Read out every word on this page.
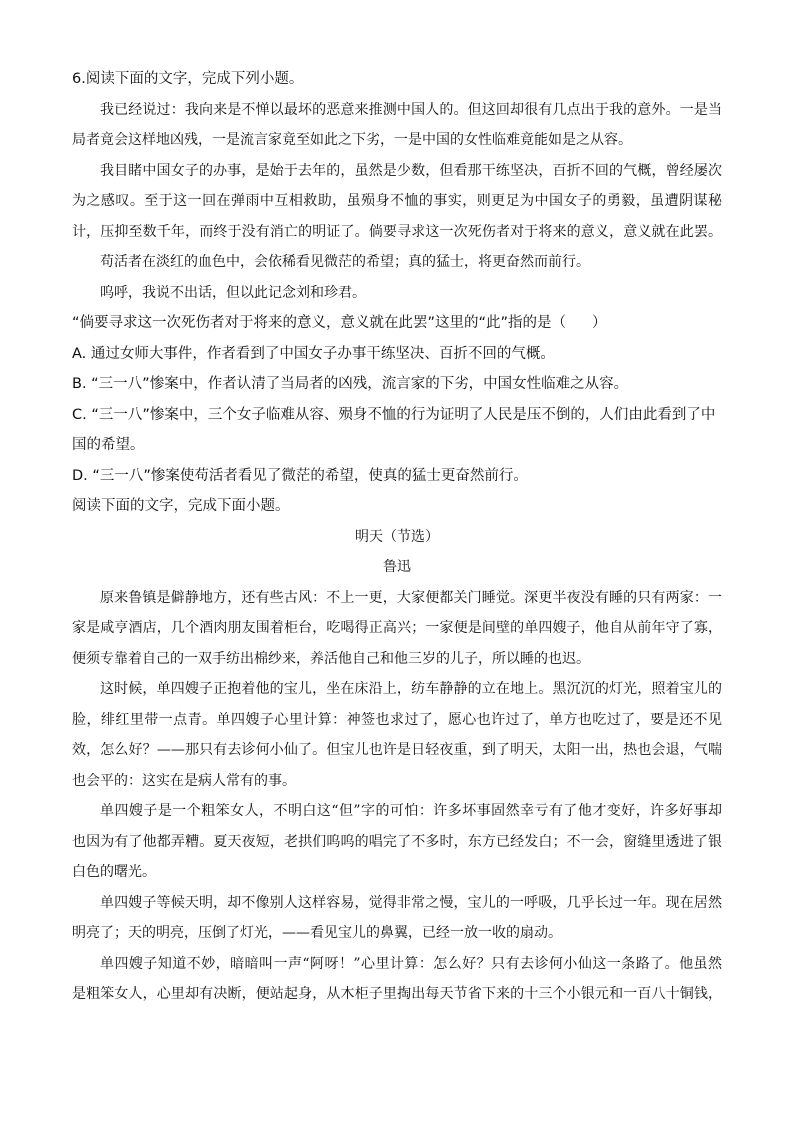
6.阅读下面的文字，完成下列小题。

我已经说过：我向来是不惮以最坏的恶意来推测中国人的。但这回却很有几点出于我的意外。一是当

局者竟会这样地凶残，一是流言家竟至如此之下劣，一是中国的女性临难竟能如是之从容。

我目睹中国女子的办事，是始于去年的，虽然是少数，但看那干练坚决，百折不回的气概，曾经屡次

为之感叹。至于这一回在弹雨中互相救助，虽殒身不恤的事实，则更足为中国女子的勇毅，虽遭阴谋秘

计，压抑至数千年，而终于没有消亡的明证了。倘要寻求这一次死伤者对于将来的意义，意义就在此罢。

苟活者在淡红的血色中，会依稀看见微茫的希望；真的猛士，将更奋然而前行。

呜呼，我说不出话，但以此记念刘和珍君。

“倘要寻求这一次死伤者对于将来的意义，意义就在此罢”这里的“此”指的是（ ）

A. 通过女师大事件，作者看到了中国女子办事干练坚决、百折不回的气概。

B. “三一八”惨案中，作者认清了当局者的凶残，流言家的下劣，中国女性临难之从容。

C. “三一八”惨案中，三个女子临难从容、殒身不恤的行为证明了人民是压不倒的，人们由此看到了中

国的希望。

D. “三一八”惨案使苟活者看见了微茫的希望，使真的猛士更奋然前行。

阅读下面的文字，完成下面小题。

明天（节选）

鲁迅

原来鲁镇是僻静地方，还有些古风：不上一更，大家便都关门睡觉。深更半夜没有睡的只有两家：一

家是咸亨酒店，几个酒肉朋友围着柜台，吃喝得正高兴；一家便是间壁的单四嫂子，他自从前年守了寡，

便须专靠着自己的一双手纺出棉纱来，养活他自己和他三岁的儿子，所以睡的也迟。

这时候，单四嫂子正抱着他的宝儿，坐在床沿上，纺车静静的立在地上。黑沉沉的灯光，照着宝儿的

脸，绯红里带一点青。单四嫂子心里计算：神签也求过了，愿心也许过了，单方也吃过了，要是还不见

效，怎么好？——那只有去诊何小仙了。但宝儿也许是日轻夜重，到了明天，太阳一出，热也会退，气喘

也会平的：这实在是病人常有的事。

单四嫂子是一个粗笨女人，不明白这“但”字的可怕：许多坏事固然幸亏有了他才变好，许多好事却

也因为有了他都弄糟。夏天夜短，老拱们呜呜的唱完了不多时，东方已经发白；不一会，窗缝里透进了银

白色的曙光。

单四嫂子等候天明，却不像别人这样容易，觉得非常之慢，宝儿的一呼吸，几乎长过一年。现在居然

明亮了；天的明亮，压倒了灯光，——看见宝儿的鼻翼，已经一放一收的扇动。

单四嫂子知道不妙，暗暗叫一声“阿呀！”心里计算：怎么好？只有去诊何小仙这一条路了。他虽然

是粗笨女人，心里却有决断，便站起身，从木柜子里掏出每天节省下来的十三个小银元和一百八十铜钱，
